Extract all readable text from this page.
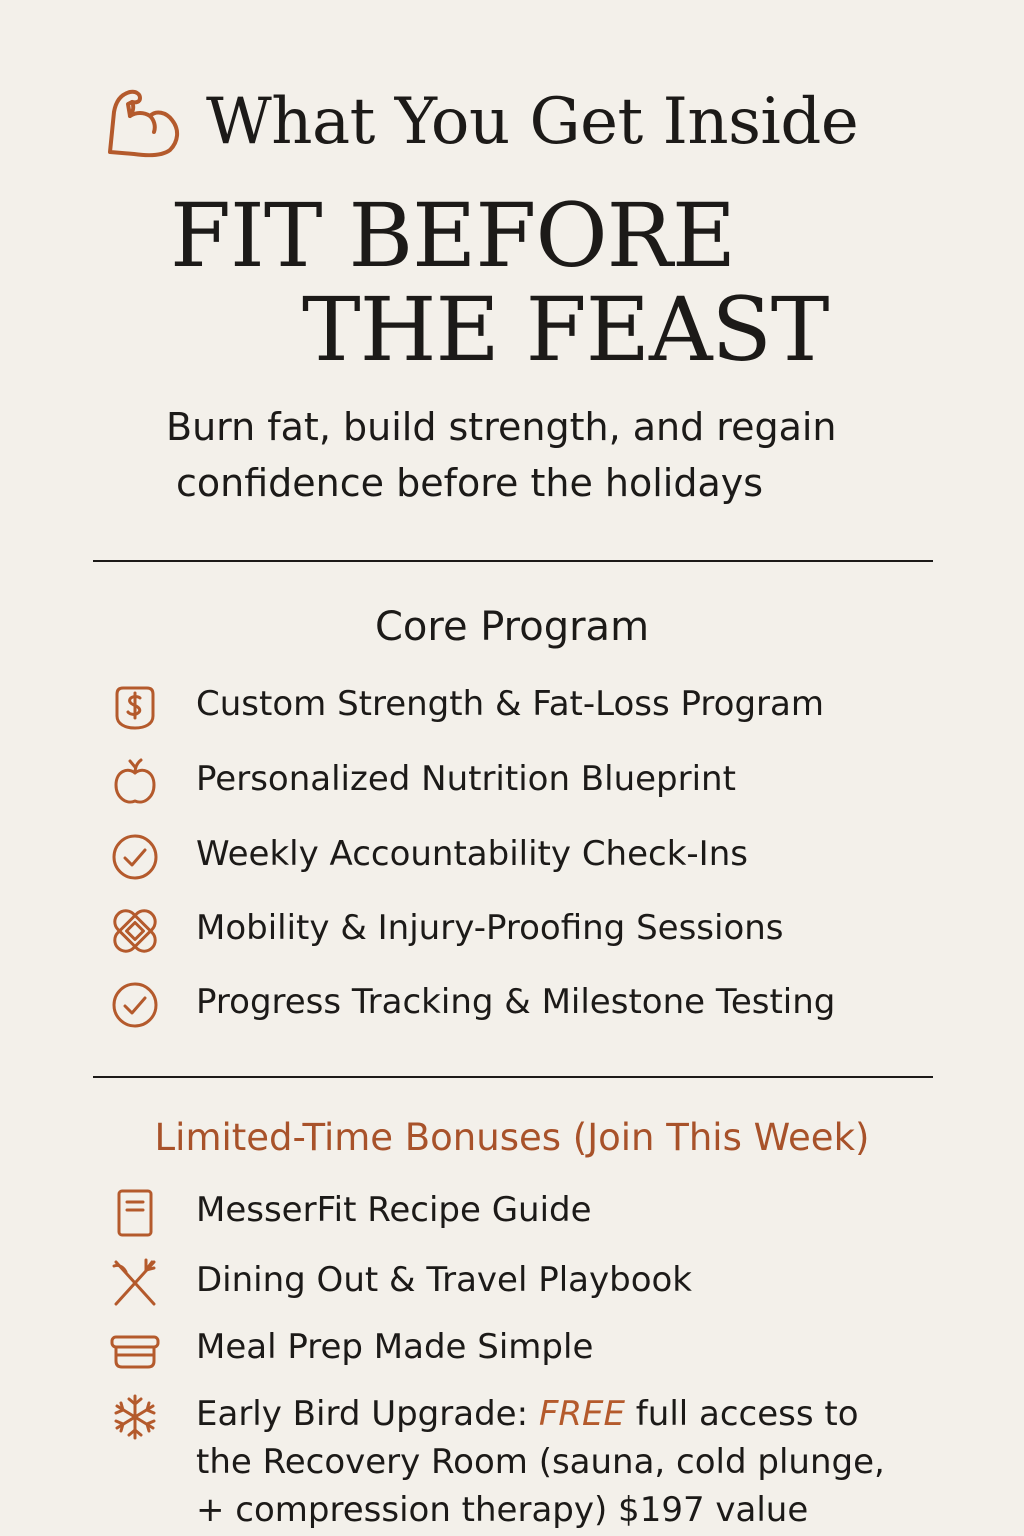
What You Get Inside
FIT BEFORE
THE FEAST
Burn fat, build strength, and regain
confidence before the holidays
Core Program
Custom Strength & Fat-Loss Program
Personalized Nutrition Blueprint
Weekly Accountability Check-Ins
Mobility & Injury-Proofing Sessions
Progress Tracking & Milestone Testing
Limited-Time Bonuses (Join This Week)
MesserFit Recipe Guide
Dining Out & Travel Playbook
Meal Prep Made Simple
Early Bird Upgrade: FREE full access to
the Recovery Room (sauna, cold plunge,
+ compression therapy) $197 value
